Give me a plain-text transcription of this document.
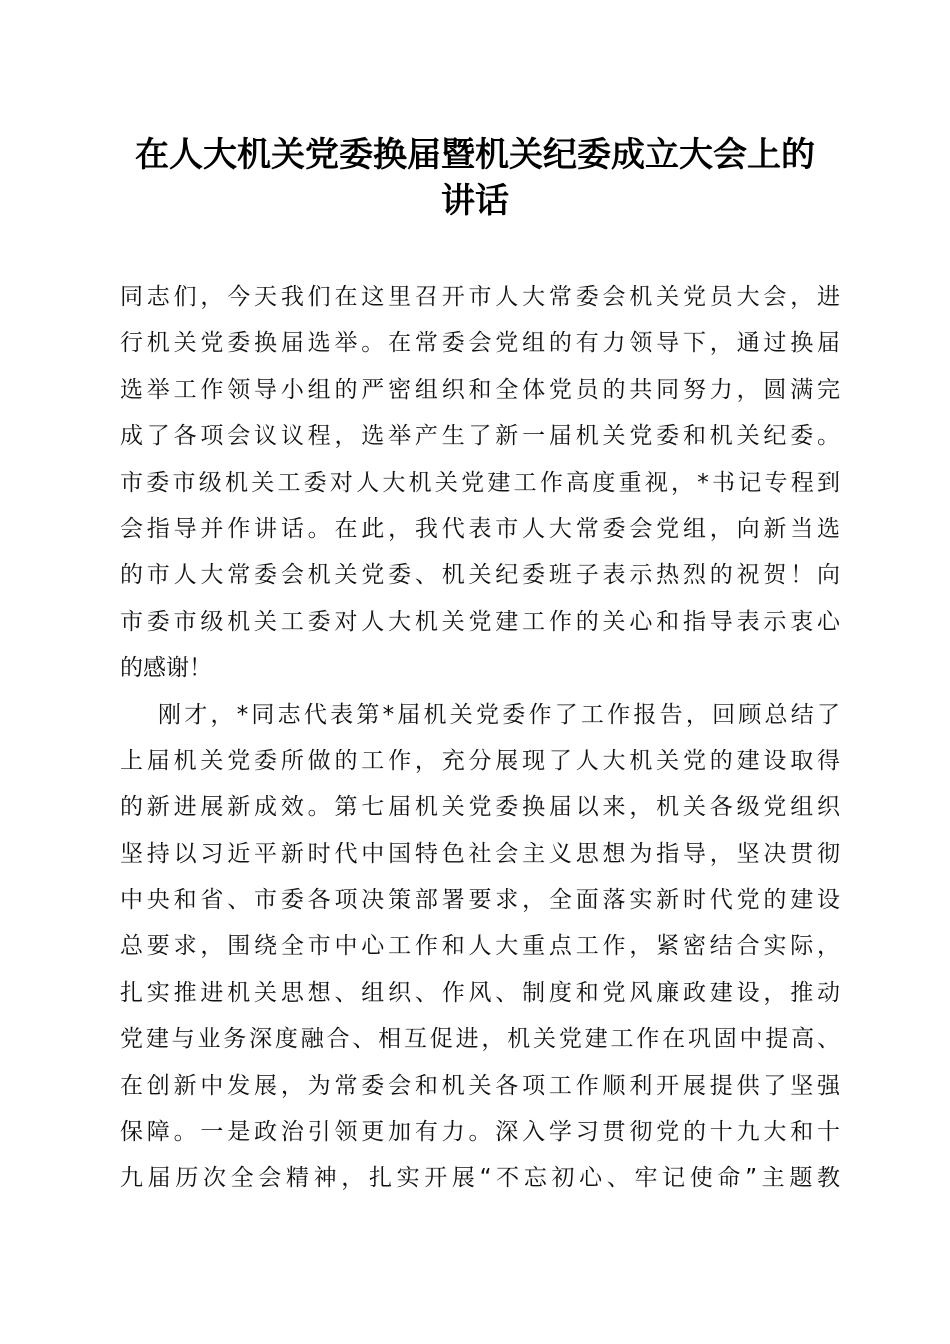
在人大机关党委换届暨机关纪委成立大会上的
讲话
同志们，今天我们在这里召开市人大常委会机关党员大会，进
行机关党委换届选举。在常委会党组的有力领导下，通过换届
选举工作领导小组的严密组织和全体党员的共同努力，圆满完
成了各项会议议程，选举产生了新一届机关党委和机关纪委。
市委市级机关工委对人大机关党建工作高度重视，*书记专程到
会指导并作讲话。在此，我代表市人大常委会党组，向新当选
的市人大常委会机关党委、机关纪委班子表示热烈的祝贺！向
市委市级机关工委对人大机关党建工作的关心和指导表示衷心
的感谢！
刚才，*同志代表第*届机关党委作了工作报告，回顾总结了
上届机关党委所做的工作，充分展现了人大机关党的建设取得
的新进展新成效。第七届机关党委换届以来，机关各级党组织
坚持以习近平新时代中国特色社会主义思想为指导，坚决贯彻
中央和省、市委各项决策部署要求，全面落实新时代党的建设
总要求，围绕全市中心工作和人大重点工作，紧密结合实际，
扎实推进机关思想、组织、作风、制度和党风廉政建设，推动
党建与业务深度融合、相互促进，机关党建工作在巩固中提高、
在创新中发展，为常委会和机关各项工作顺利开展提供了坚强
保障。一是政治引领更加有力。深入学习贯彻党的十九大和十
九届历次全会精神，扎实开展“不忘初心、牢记使命”主题教
